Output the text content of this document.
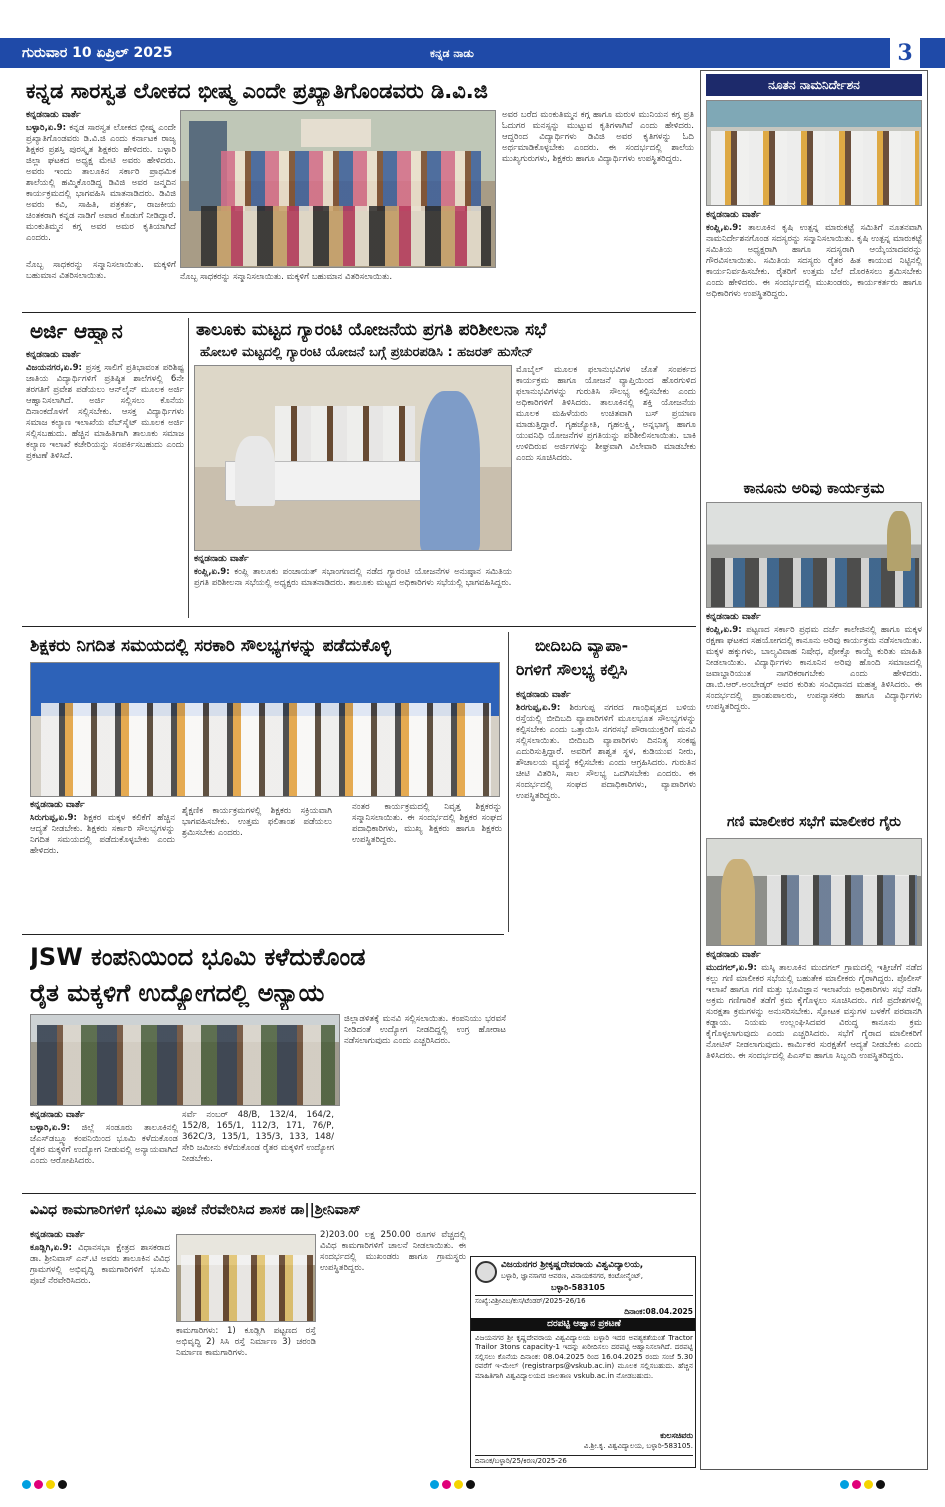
ಗುರುವಾರ 10 ಏಪ್ರಿಲ್ 2025	ಕನ್ನಡ ನಾಡು	3
ಕನ್ನಡ ಸಾರಸ್ವತ ಲೋಕದ ಭೀಷ್ಮ ಎಂದೇ ಪ್ರಖ್ಯಾತಿಗೊಂಡವರು ಡಿ.ವಿ.ಜಿ
ಕನ್ನಡನಾಡು ವಾರ್ತೆ
ಬಳ್ಳಾರಿ,ಏ.9: ಕನ್ನಡ ಸಾರಸ್ವತ ಲೋಕದ ಭೀಷ್ಮ ಎಂದೇ ಪ್ರಖ್ಯಾತಿಗೊಂಡವರು ಡಿ.ವಿ.ಜಿ ಎಂದು ಕರ್ನಾಟಕ ರಾಜ್ಯ ಶಿಕ್ಷಕರ ಪ್ರಶಸ್ತಿ ಪುರಸ್ಕೃತ ಶಿಕ್ಷಕರು ಹೇಳಿದರು. ಬಳ್ಳಾರಿ ಜಿಲ್ಲಾ ಘಟಕದ ಅಧ್ಯಕ್ಷ ಮೇಟಿ ಅವರು ಹೇಳಿದರು. ಅವರು ಇಂದು ತಾಲೂಕಿನ ಸರ್ಕಾರಿ ಪ್ರಾಥಮಿಕ ಶಾಲೆಯಲ್ಲಿ ಹಮ್ಮಿಕೊಂಡಿದ್ದ ಡಿವಿಜಿ ಅವರ ಜನ್ಮದಿನ ಕಾರ್ಯಕ್ರಮದಲ್ಲಿ ಭಾಗವಹಿಸಿ ಮಾತನಾಡಿದರು. ಡಿವಿಜಿ ಅವರು ಕವಿ, ಸಾಹಿತಿ, ಪತ್ರಕರ್ತ, ರಾಜಕೀಯ ಚಿಂತಕರಾಗಿ ಕನ್ನಡ ನಾಡಿಗೆ ಅಪಾರ ಕೊಡುಗೆ ನೀಡಿದ್ದಾರೆ. ಮಂಕುತಿಮ್ಮನ ಕಗ್ಗ ಅವರ ಅಮರ ಕೃತಿಯಾಗಿದೆ ಎಂದರು.
ಅವರ ಬರೆದ ಮಂಕುತಿಮ್ಮನ ಕಗ್ಗ ಹಾಗೂ ಮರುಳ ಮುನಿಯನ ಕಗ್ಗ ಪ್ರತಿ ಓದುಗರ ಮನಸ್ಸನ್ನು ಮುಟ್ಟುವ ಕೃತಿಗಳಾಗಿವೆ ಎಂದು ಹೇಳಿದರು. ಆದ್ದರಿಂದ ವಿದ್ಯಾರ್ಥಿಗಳು ಡಿವಿಜಿ ಅವರ ಕೃತಿಗಳನ್ನು ಓದಿ ಅರ್ಥಮಾಡಿಕೊಳ್ಳಬೇಕು ಎಂದರು. ಈ ಸಂದರ್ಭದಲ್ಲಿ ಶಾಲೆಯ ಮುಖ್ಯಗುರುಗಳು, ಶಿಕ್ಷಕರು ಹಾಗೂ ವಿದ್ಯಾರ್ಥಿಗಳು ಉಪಸ್ಥಿತರಿದ್ದರು.
ನೊಬ್ಬ ಸಾಧಕರನ್ನು ಸನ್ಮಾನಿಸಲಾಯಿತು. ಮಕ್ಕಳಿಗೆ ಬಹುಮಾನ ವಿತರಿಸಲಾಯಿತು.	ನೊಬ್ಬ ಸಾಧಕರನ್ನು ಸನ್ಮಾನಿಸಲಾಯಿತು. ಮಕ್ಕಳಿಗೆ ಬಹುಮಾನ ವಿತರಿಸಲಾಯಿತು.
ಅರ್ಜಿ ಆಹ್ವಾನ
ಕನ್ನಡನಾಡು ವಾರ್ತೆ
ವಿಜಯನಗರ,ಏ.9: ಪ್ರಸಕ್ತ ಸಾಲಿಗೆ ಪ್ರತಿಭಾವಂತ ಪರಿಶಿಷ್ಟ ಜಾತಿಯ ವಿದ್ಯಾರ್ಥಿಗಳಿಗೆ ಪ್ರತಿಷ್ಠಿತ ಶಾಲೆಗಳಲ್ಲಿ 6ನೇ ತರಗತಿಗೆ ಪ್ರವೇಶ ಪಡೆಯಲು ಆನ್‌ಲೈನ್ ಮೂಲಕ ಅರ್ಜಿ ಆಹ್ವಾನಿಸಲಾಗಿದೆ. ಅರ್ಜಿ ಸಲ್ಲಿಸಲು ಕೊನೆಯ ದಿನಾಂಕದೊಳಗೆ ಸಲ್ಲಿಸಬೇಕು. ಆಸಕ್ತ ವಿದ್ಯಾರ್ಥಿಗಳು ಸಮಾಜ ಕಲ್ಯಾಣ ಇಲಾಖೆಯ ವೆಬ್‌ಸೈಟ್ ಮೂಲಕ ಅರ್ಜಿ ಸಲ್ಲಿಸಬಹುದು. ಹೆಚ್ಚಿನ ಮಾಹಿತಿಗಾಗಿ ತಾಲೂಕು ಸಮಾಜ ಕಲ್ಯಾಣ ಇಲಾಖೆ ಕಚೇರಿಯನ್ನು ಸಂಪರ್ಕಿಸಬಹುದು ಎಂದು ಪ್ರಕಟಣೆ ತಿಳಿಸಿದೆ.
ತಾಲೂಕು ಮಟ್ಟದ ಗ್ಯಾರಂಟಿ ಯೋಜನೆಯ ಪ್ರಗತಿ ಪರಿಶೀಲನಾ ಸಭೆ
ಹೋಬಳಿ ಮಟ್ಟದಲ್ಲಿ ಗ್ಯಾರಂಟಿ ಯೋಜನೆ ಬಗ್ಗೆ ಪ್ರಚುರಪಡಿಸಿ : ಹಜರತ್ ಹುಸೇನ್
ಮೊಬೈಲ್ ಮೂಲಕ ಫಲಾನುಭವಿಗಳ ಜೊತೆ ಸಂಪರ್ಕದ ಕಾರ್ಯಕ್ರಮ ಹಾಗೂ ಯೋಜನೆ ವ್ಯಾಪ್ತಿಯಿಂದ ಹೊರಗುಳಿದ ಫಲಾನುಭವಿಗಳನ್ನು ಗುರುತಿಸಿ ಸೌಲಭ್ಯ ಕಲ್ಪಿಸಬೇಕು ಎಂದು ಅಧಿಕಾರಿಗಳಿಗೆ ತಿಳಿಸಿದರು. ತಾಲೂಕಿನಲ್ಲಿ ಶಕ್ತಿ ಯೋಜನೆಯ ಮೂಲಕ ಮಹಿಳೆಯರು ಉಚಿತವಾಗಿ ಬಸ್ ಪ್ರಯಾಣ ಮಾಡುತ್ತಿದ್ದಾರೆ. ಗೃಹಜ್ಯೋತಿ, ಗೃಹಲಕ್ಷ್ಮಿ, ಅನ್ನಭಾಗ್ಯ ಹಾಗೂ ಯುವನಿಧಿ ಯೋಜನೆಗಳ ಪ್ರಗತಿಯನ್ನು ಪರಿಶೀಲಿಸಲಾಯಿತು. ಬಾಕಿ ಉಳಿದಿರುವ ಅರ್ಜಿಗಳನ್ನು ಶೀಘ್ರವಾಗಿ ವಿಲೇವಾರಿ ಮಾಡಬೇಕು ಎಂದು ಸೂಚಿಸಿದರು.
ಕನ್ನಡನಾಡು ವಾರ್ತೆ
ಕಂಪ್ಲಿ,ಏ.9: ಕಂಪ್ಲಿ ತಾಲೂಕು ಪಂಚಾಯತ್ ಸಭಾಂಗಣದಲ್ಲಿ ನಡೆದ ಗ್ಯಾರಂಟಿ ಯೋಜನೆಗಳ ಅನುಷ್ಠಾನ ಸಮಿತಿಯ ಪ್ರಗತಿ ಪರಿಶೀಲನಾ ಸಭೆಯಲ್ಲಿ ಅಧ್ಯಕ್ಷರು ಮಾತನಾಡಿದರು. ತಾಲೂಕು ಮಟ್ಟದ ಅಧಿಕಾರಿಗಳು ಸಭೆಯಲ್ಲಿ ಭಾಗವಹಿಸಿದ್ದರು.
ಶಿಕ್ಷಕರು ನಿಗದಿತ ಸಮಯದಲ್ಲಿ ಸರಕಾರಿ ಸೌಲಭ್ಯಗಳನ್ನು ಪಡೆದುಕೊಳ್ಳಿ
ಕನ್ನಡನಾಡು ವಾರ್ತೆ
ಸಿರುಗುಪ್ಪ,ಏ.9: ಶಿಕ್ಷಕರ ಮಕ್ಕಳ ಕಲಿಕೆಗೆ ಹೆಚ್ಚಿನ ಆದ್ಯತೆ ನೀಡಬೇಕು. ಶಿಕ್ಷಕರು ಸರ್ಕಾರಿ ಸೌಲಭ್ಯಗಳನ್ನು ನಿಗದಿತ ಸಮಯದಲ್ಲಿ ಪಡೆದುಕೊಳ್ಳಬೇಕು ಎಂದು ಹೇಳಿದರು.
ಶೈಕ್ಷಣಿಕ ಕಾರ್ಯಕ್ರಮಗಳಲ್ಲಿ ಶಿಕ್ಷಕರು ಸಕ್ರಿಯವಾಗಿ ಭಾಗವಹಿಸಬೇಕು. ಉತ್ತಮ ಫಲಿತಾಂಶ ಪಡೆಯಲು ಶ್ರಮಿಸಬೇಕು ಎಂದರು.
ನಂತರ ಕಾರ್ಯಕ್ರಮದಲ್ಲಿ ನಿವೃತ್ತ ಶಿಕ್ಷಕರನ್ನು ಸನ್ಮಾನಿಸಲಾಯಿತು. ಈ ಸಂದರ್ಭದಲ್ಲಿ ಶಿಕ್ಷಕರ ಸಂಘದ ಪದಾಧಿಕಾರಿಗಳು, ಮುಖ್ಯ ಶಿಕ್ಷಕರು ಹಾಗೂ ಶಿಕ್ಷಕರು ಉಪಸ್ಥಿತರಿದ್ದರು.
ಬೀದಿಬದಿ ವ್ಯಾಪಾ-
ರಿಗಳಿಗೆ ಸೌಲಭ್ಯ ಕಲ್ಪಿಸಿ
ಕನ್ನಡನಾಡು ವಾರ್ತೆ
ಶಿರಗುಪ್ಪ,ಏ.9: ಶಿರುಗುಪ್ಪ ನಗರದ ಗಾಂಧಿವೃತ್ತದ ಬಳಿಯ ರಸ್ತೆಯಲ್ಲಿ ಬೀದಿಬದಿ ವ್ಯಾಪಾರಿಗಳಿಗೆ ಮೂಲಭೂತ ಸೌಲಭ್ಯಗಳನ್ನು ಕಲ್ಪಿಸಬೇಕು ಎಂದು ಒತ್ತಾಯಿಸಿ ನಗರಸಭೆ ಪೌರಾಯುಕ್ತರಿಗೆ ಮನವಿ ಸಲ್ಲಿಸಲಾಯಿತು. ಬೀದಿಬದಿ ವ್ಯಾಪಾರಿಗಳು ದಿನನಿತ್ಯ ಸಂಕಷ್ಟ ಎದುರಿಸುತ್ತಿದ್ದಾರೆ. ಅವರಿಗೆ ಶಾಶ್ವತ ಸ್ಥಳ, ಕುಡಿಯುವ ನೀರು, ಶೌಚಾಲಯ ವ್ಯವಸ್ಥೆ ಕಲ್ಪಿಸಬೇಕು ಎಂದು ಆಗ್ರಹಿಸಿದರು. ಗುರುತಿನ ಚೀಟಿ ವಿತರಿಸಿ, ಸಾಲ ಸೌಲಭ್ಯ ಒದಗಿಸಬೇಕು ಎಂದರು. ಈ ಸಂದರ್ಭದಲ್ಲಿ ಸಂಘದ ಪದಾಧಿಕಾರಿಗಳು, ವ್ಯಾಪಾರಿಗಳು ಉಪಸ್ಥಿತರಿದ್ದರು.
JSW ಕಂಪನಿಯಿಂದ ಭೂಮಿ ಕಳೆದುಕೊಂಡ
ರೈತ ಮಕ್ಕಳಿಗೆ ಉದ್ಯೋಗದಲ್ಲಿ ಅನ್ಯಾಯ
ಸರ್ವೆ ನಂಬರ್ 48/B, 132/4, 164/2, 152/8, 165/1, 112/3, 171, 76/P, 362C/3, 135/1, 135/3, 133, 148/ ಸೇರಿ ಜಮೀನು ಕಳೆದುಕೊಂಡ ರೈತರ ಮಕ್ಕಳಿಗೆ ಉದ್ಯೋಗ ನೀಡಬೇಕು.
ಕನ್ನಡನಾಡು ವಾರ್ತೆ
ಬಳ್ಳಾರಿ,ಏ.9: ಜಿಲ್ಲೆ ಸಂಡೂರು ತಾಲೂಕಿನಲ್ಲಿ ಜೆಎಸ್‌ಡಬ್ಲ್ಯೂ ಕಂಪನಿಯಿಂದ ಭೂಮಿ ಕಳೆದುಕೊಂಡ ರೈತರ ಮಕ್ಕಳಿಗೆ ಉದ್ಯೋಗ ನೀಡುವಲ್ಲಿ ಅನ್ಯಾಯವಾಗಿದೆ ಎಂದು ಆರೋಪಿಸಿದರು.
ಜಿಲ್ಲಾಡಳಿತಕ್ಕೆ ಮನವಿ ಸಲ್ಲಿಸಲಾಯಿತು. ಕಂಪನಿಯು ಭರವಸೆ ನೀಡಿದಂತೆ ಉದ್ಯೋಗ ನೀಡದಿದ್ದಲ್ಲಿ ಉಗ್ರ ಹೋರಾಟ ನಡೆಸಲಾಗುವುದು ಎಂದು ಎಚ್ಚರಿಸಿದರು.
ವಿವಿಧ ಕಾಮಗಾರಿಗಳಿಗೆ ಭೂಮಿ ಪೂಜೆ ನೆರವೇರಿಸಿದ ಶಾಸಕ ಡಾ||ಶ್ರೀನಿವಾಸ್
ಕನ್ನಡನಾಡು ವಾರ್ತೆ
ಕೂಡ್ಲಿಗಿ,ಏ.9: ವಿಧಾನಸಭಾ ಕ್ಷೇತ್ರದ ಶಾಸಕರಾದ ಡಾ. ಶ್ರೀನಿವಾಸ್ ಎನ್.ಟಿ ಅವರು ತಾಲೂಕಿನ ವಿವಿಧ ಗ್ರಾಮಗಳಲ್ಲಿ ಅಭಿವೃದ್ಧಿ ಕಾಮಗಾರಿಗಳಿಗೆ ಭೂಮಿ ಪೂಜೆ ನೆರವೇರಿಸಿದರು.
ಕಾಮಗಾರಿಗಳು: 1) ಕೂಡ್ಲಿಗಿ ಪಟ್ಟಣದ ರಸ್ತೆ ಅಭಿವೃದ್ಧಿ 2) ಸಿಸಿ ರಸ್ತೆ ನಿರ್ಮಾಣ 3) ಚರಂಡಿ ನಿರ್ಮಾಣ ಕಾಮಗಾರಿಗಳು.
2)203.00 ಲಕ್ಷ 250.00 ರೂಗಳ ವೆಚ್ಚದಲ್ಲಿ ವಿವಿಧ ಕಾಮಗಾರಿಗಳಿಗೆ ಚಾಲನೆ ನೀಡಲಾಯಿತು. ಈ ಸಂದರ್ಭದಲ್ಲಿ ಮುಖಂಡರು ಹಾಗೂ ಗ್ರಾಮಸ್ಥರು ಉಪಸ್ಥಿತರಿದ್ದರು.	ವಿಜಯನಗರ ಶ್ರೀಕೃಷ್ಣದೇವರಾಯ ವಿಶ್ವವಿದ್ಯಾಲಯ,
ಬಳ್ಳಾರಿ, ಜ್ಞಾನಸಾಗರ ಆವರಣ, ವಿನಾಯಕನಗರ, ಕಂಟೋನ್ಮೆಂಟ್,
ಬಳ್ಳಾರಿ-583105
ಸಂಖ್ಯೆ:ವಿಶ್ರೀವಿಬ/ಕುಸ/ಟೆಂಡರ್/2025-26/16
ದಿನಾಂಕ:08.04.2025
ದರಪಟ್ಟಿ ಆಹ್ವಾನ ಪ್ರಕಟಣೆ
ವಿಜಯನಗರ ಶ್ರೀ ಕೃಷ್ಣದೇವರಾಯ ವಿಶ್ವವಿದ್ಯಾಲಯ ಬಳ್ಳಾರಿ ಇದರ ಅವಶ್ಯಕತೆಯಂತೆ Tractor Trailor 3tons capacity-1 ಇದನ್ನು ಖರೀದಿಸಲು ದರಪಟ್ಟಿ ಆಹ್ವಾನಿಸಲಾಗಿದೆ. ದರಪಟ್ಟಿ ಸಲ್ಲಿಸಲು ಕೊನೆಯ ದಿನಾಂಕ: 08.04.2025 ರಿಂದ 16.04.2025 ರಂದು ಸಂಜೆ 5.30 ರವರೆಗೆ ಇ-ಮೇಲ್ (registrarps@vskub.ac.in) ಮೂಲಕ ಸಲ್ಲಿಸಬಹುದು. ಹೆಚ್ಚಿನ ಮಾಹಿತಿಗಾಗಿ ವಿಶ್ವವಿದ್ಯಾಲಯದ ಜಾಲತಾಣ vskub.ac.in ನೋಡಬಹುದು.
ಕುಲಸಚಿವರು
ವಿ.ಶ್ರೀ.ಕೃ. ವಿಶ್ವವಿದ್ಯಾಲಯ, ಬಳ್ಳಾರಿ-583105.
ದಿನಾಂಕ/ಬಳ್ಳಾರಿ/25/ಕಿರಣ/2025-26
ನೂತನ ನಾಮನಿರ್ದೇಶನ
ಕನ್ನಡನಾಡು ವಾರ್ತೆ
ಕಂಪ್ಲಿ,ಏ.9: ತಾಲೂಕಿನ ಕೃಷಿ ಉತ್ಪನ್ನ ಮಾರುಕಟ್ಟೆ ಸಮಿತಿಗೆ ನೂತನವಾಗಿ ನಾಮನಿರ್ದೇಶನಗೊಂಡ ಸದಸ್ಯರನ್ನು ಸನ್ಮಾನಿಸಲಾಯಿತು. ಕೃಷಿ ಉತ್ಪನ್ನ ಮಾರುಕಟ್ಟೆ ಸಮಿತಿಯ ಅಧ್ಯಕ್ಷರಾಗಿ ಹಾಗೂ ಸದಸ್ಯರಾಗಿ ಆಯ್ಕೆಯಾದವರನ್ನು ಗೌರವಿಸಲಾಯಿತು. ಸಮಿತಿಯ ಸದಸ್ಯರು ರೈತರ ಹಿತ ಕಾಯುವ ನಿಟ್ಟಿನಲ್ಲಿ ಕಾರ್ಯನಿರ್ವಹಿಸಬೇಕು. ರೈತರಿಗೆ ಉತ್ತಮ ಬೆಲೆ ದೊರಕಿಸಲು ಶ್ರಮಿಸಬೇಕು ಎಂದು ಹೇಳಿದರು. ಈ ಸಂದರ್ಭದಲ್ಲಿ ಮುಖಂಡರು, ಕಾರ್ಯಕರ್ತರು ಹಾಗೂ ಅಧಿಕಾರಿಗಳು ಉಪಸ್ಥಿತರಿದ್ದರು.
ಕಾನೂನು ಅರಿವು ಕಾರ್ಯಕ್ರಮ
ಕನ್ನಡನಾಡು ವಾರ್ತೆ
ಕಂಪ್ಲಿ,ಏ.9: ಪಟ್ಟಣದ ಸರ್ಕಾರಿ ಪ್ರಥಮ ದರ್ಜೆ ಕಾಲೇಜಿನಲ್ಲಿ ಹಾಗೂ ಮಕ್ಕಳ ರಕ್ಷಣಾ ಘಟಕದ ಸಹಯೋಗದಲ್ಲಿ ಕಾನೂನು ಅರಿವು ಕಾರ್ಯಕ್ರಮ ನಡೆಸಲಾಯಿತು. ಮಕ್ಕಳ ಹಕ್ಕುಗಳು, ಬಾಲ್ಯವಿವಾಹ ನಿಷೇಧ, ಪೋಕ್ಸೊ ಕಾಯ್ದೆ ಕುರಿತು ಮಾಹಿತಿ ನೀಡಲಾಯಿತು. ವಿದ್ಯಾರ್ಥಿಗಳು ಕಾನೂನಿನ ಅರಿವು ಹೊಂದಿ ಸಮಾಜದಲ್ಲಿ ಜವಾಬ್ದಾರಿಯುತ ನಾಗರಿಕರಾಗಬೇಕು ಎಂದು ಹೇಳಿದರು. ಡಾ.ಬಿ.ಆರ್.ಅಂಬೇಡ್ಕರ್ ಅವರ ಕುರಿತು ಸಂವಿಧಾನದ ಮಹತ್ವ ತಿಳಿಸಿದರು. ಈ ಸಂದರ್ಭದಲ್ಲಿ ಪ್ರಾಂಶುಪಾಲರು, ಉಪನ್ಯಾಸಕರು ಹಾಗೂ ವಿದ್ಯಾರ್ಥಿಗಳು ಉಪಸ್ಥಿತರಿದ್ದರು.
ಗಣಿ ಮಾಲೀಕರ ಸಭೆಗೆ ಮಾಲೀಕರ ಗೈರು
ಕನ್ನಡನಾಡು ವಾರ್ತೆ
ಮುದಗಲ್,ಏ.9: ಮಸ್ಕಿ ತಾಲೂಕಿನ ಮುದಗಲ್ ಗ್ರಾಮದಲ್ಲಿ ಇತ್ತೀಚೆಗೆ ನಡೆದ ಕಲ್ಲು ಗಣಿ ಮಾಲೀಕರ ಸಭೆಯಲ್ಲಿ ಬಹುತೇಕ ಮಾಲೀಕರು ಗೈರಾಗಿದ್ದರು. ಪೊಲೀಸ್ ಇಲಾಖೆ ಹಾಗೂ ಗಣಿ ಮತ್ತು ಭೂವಿಜ್ಞಾನ ಇಲಾಖೆಯ ಅಧಿಕಾರಿಗಳು ಸಭೆ ನಡೆಸಿ ಅಕ್ರಮ ಗಣಿಗಾರಿಕೆ ತಡೆಗೆ ಕ್ರಮ ಕೈಗೊಳ್ಳಲು ಸೂಚಿಸಿದರು. ಗಣಿ ಪ್ರದೇಶಗಳಲ್ಲಿ ಸುರಕ್ಷತಾ ಕ್ರಮಗಳನ್ನು ಅನುಸರಿಸಬೇಕು. ಸ್ಫೋಟಕ ವಸ್ತುಗಳ ಬಳಕೆಗೆ ಪರವಾನಗಿ ಕಡ್ಡಾಯ. ನಿಯಮ ಉಲ್ಲಂಘಿಸಿದವರ ವಿರುದ್ಧ ಕಾನೂನು ಕ್ರಮ ಕೈಗೊಳ್ಳಲಾಗುವುದು ಎಂದು ಎಚ್ಚರಿಸಿದರು. ಸಭೆಗೆ ಗೈರಾದ ಮಾಲೀಕರಿಗೆ ನೋಟಿಸ್ ನೀಡಲಾಗುವುದು. ಕಾರ್ಮಿಕರ ಸುರಕ್ಷತೆಗೆ ಆದ್ಯತೆ ನೀಡಬೇಕು ಎಂದು ತಿಳಿಸಿದರು. ಈ ಸಂದರ್ಭದಲ್ಲಿ ಪಿಎಸ್‌ಐ ಹಾಗೂ ಸಿಬ್ಬಂದಿ ಉಪಸ್ಥಿತರಿದ್ದರು.
